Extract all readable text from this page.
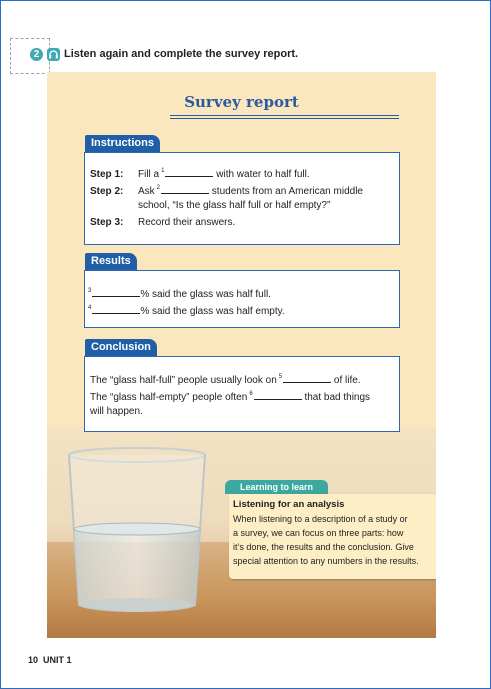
2	Listen again and complete the survey report.
Survey report
Instructions
Step 1: Fill a $^1$	with water to half full.
Step 2: Ask $^2$	students from an American middle
school, “Is the glass half full or half empty?”
Step 3: Record their answers.
Results
$^3$	% said the glass was half full.
$^4$	% said the glass was half empty.
Conclusion
The “glass half-full” people usually look on $^5$	of life.
The “glass half-empty” people often $^6$	that bad things
will happen.
Learning to learn
Listening for an analysis
When listening to a description of a study or
a survey, we can focus on three parts: how
it’s done, the results and the conclusion. Give
special attention to any numbers in the results.
10 UNIT 1
